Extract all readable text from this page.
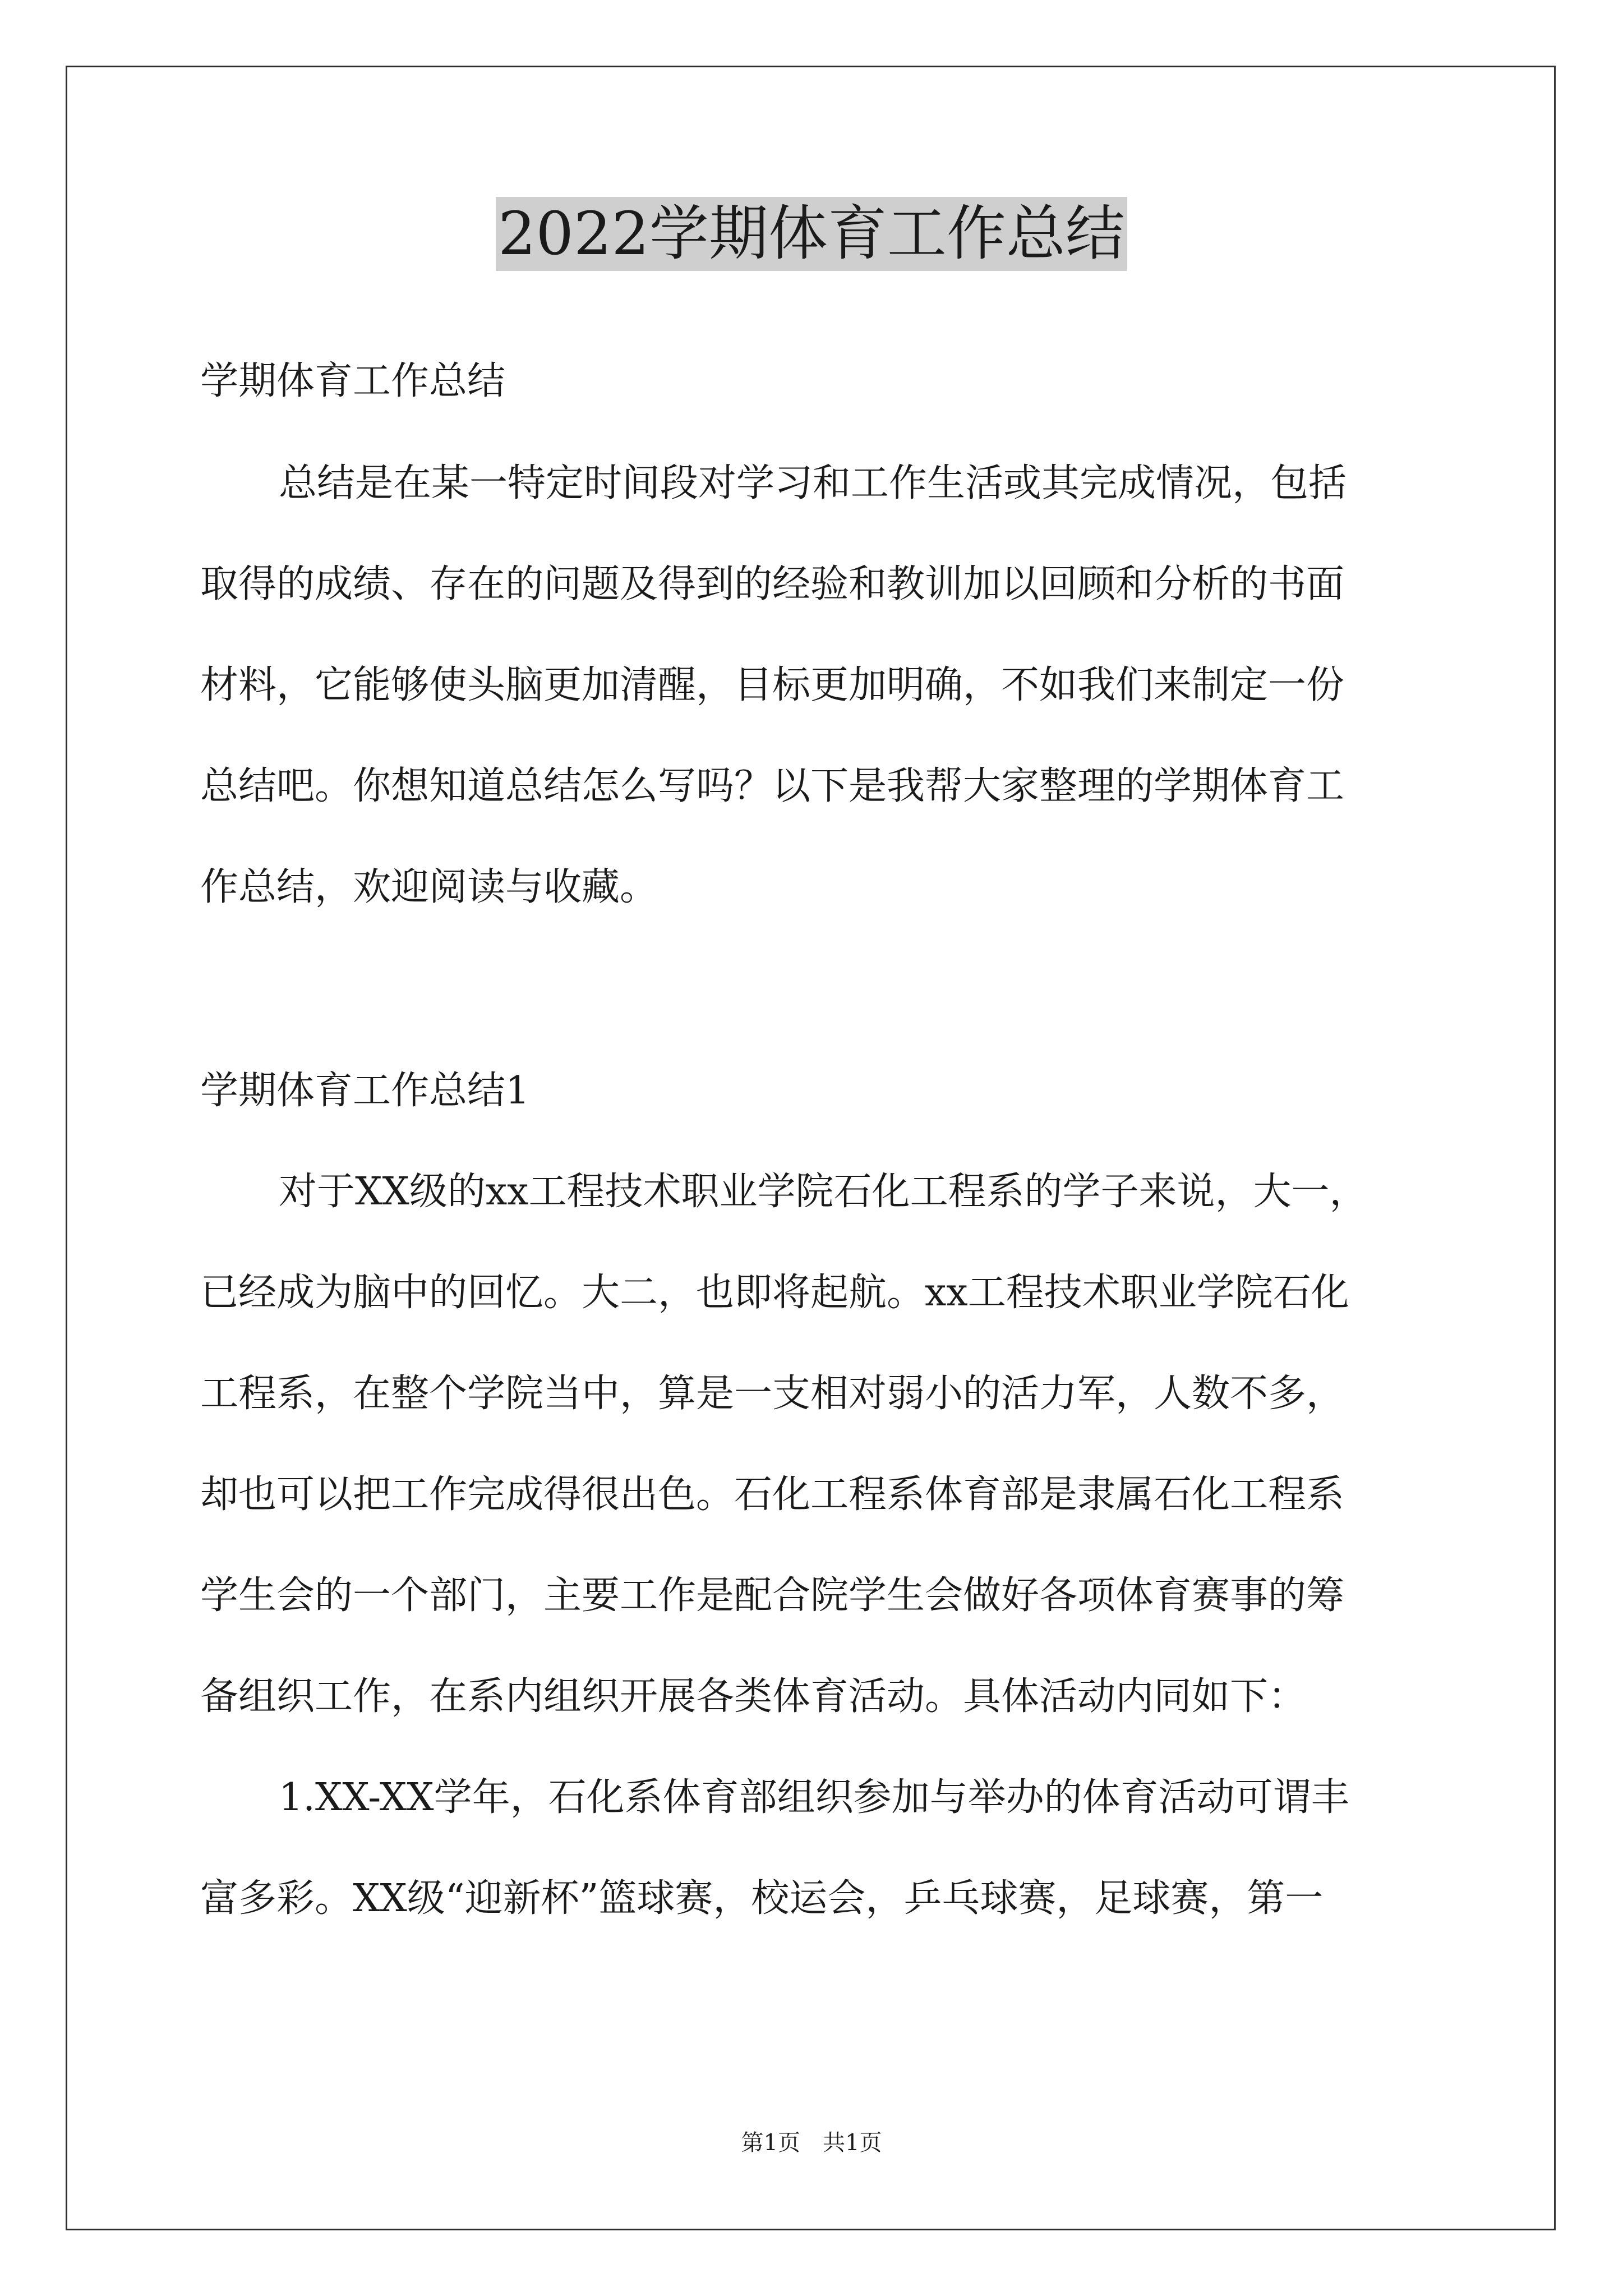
2022学期体育工作总结
学期体育工作总结
总结是在某一特定时间段对学习和工作生活或其完成情况，包括
取得的成绩、存在的问题及得到的经验和教训加以回顾和分析的书面
材料，它能够使头脑更加清醒，目标更加明确，不如我们来制定一份
总结吧。你想知道总结怎么写吗？以下是我帮大家整理的学期体育工
作总结，欢迎阅读与收藏。
学期体育工作总结1
对于XX级的xx工程技术职业学院石化工程系的学子来说，大一，
已经成为脑中的回忆。大二，也即将起航。xx工程技术职业学院石化
工程系，在整个学院当中，算是一支相对弱小的活力军，人数不多，
却也可以把工作完成得很出色。石化工程系体育部是隶属石化工程系
学生会的一个部门，主要工作是配合院学生会做好各项体育赛事的筹
备组织工作，在系内组织开展各类体育活动。具体活动内同如下：
1.XX-XX学年，石化系体育部组织参加与举办的体育活动可谓丰
富多彩。XX级“迎新杯”篮球赛，校运会，乒乓球赛，足球赛，第一
第1页　共1页
